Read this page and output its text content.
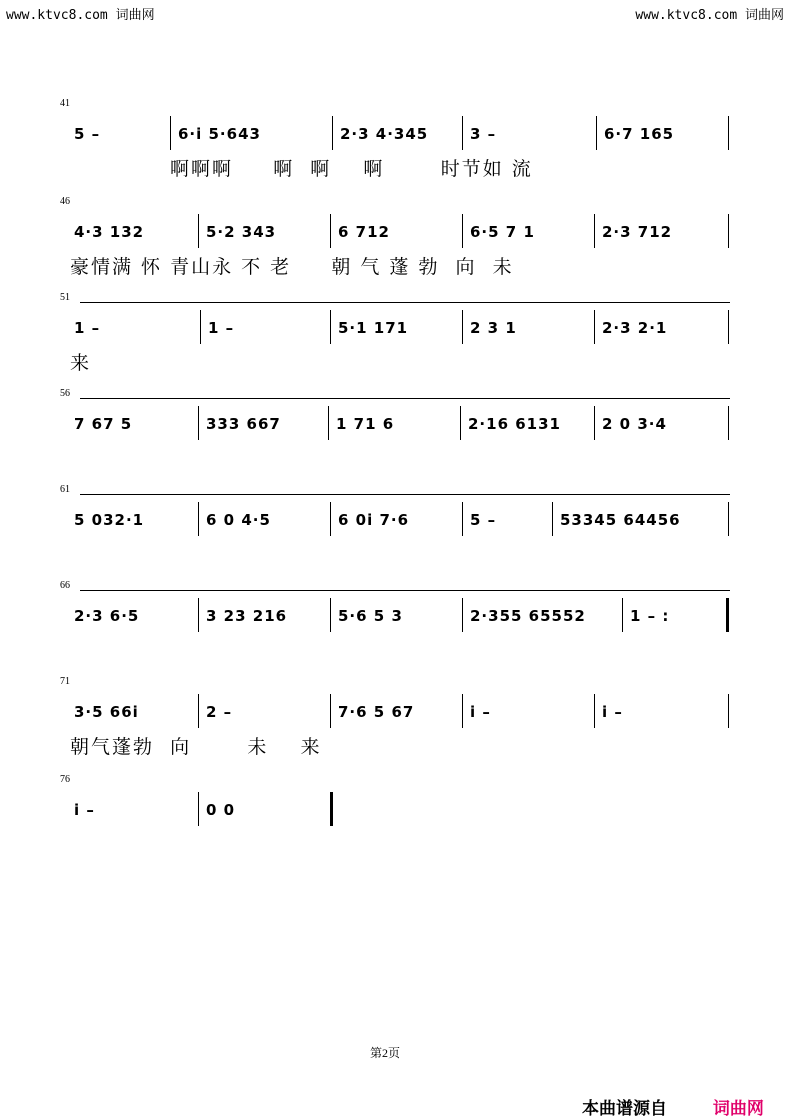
www.ktvc8.com 词曲网	www.ktvc8.com 词曲网
41
5 –	6·i 5·643	2·3 4·345	3 –	6·7 165
啊啊啊     啊  啊    啊       时节如 流
46
4·3 132	5·2 343	6 712	6·5 7 1	2·3 712
豪情满 怀 青山永 不 老     朝 气 蓬 勃  向  未
51
1 –	1 –	5·1 171	2 3 1	2·3 2·1
来
56
7 67 5	333 667	1 71 6	2·16 6131	2 0 3·4
61
5 032·1	6 0 4·5	6 0i 7·6	5 –	53345 64456
66
2·3 6·5	3 23 216	5·6 5 3	2·355 65552	1 – :
71
3·5 66i	2 –	7·6 5 67	i –	i –
朝气蓬勃  向       未    来
76
i –	0 0
第2页
本曲谱源自	词曲网
